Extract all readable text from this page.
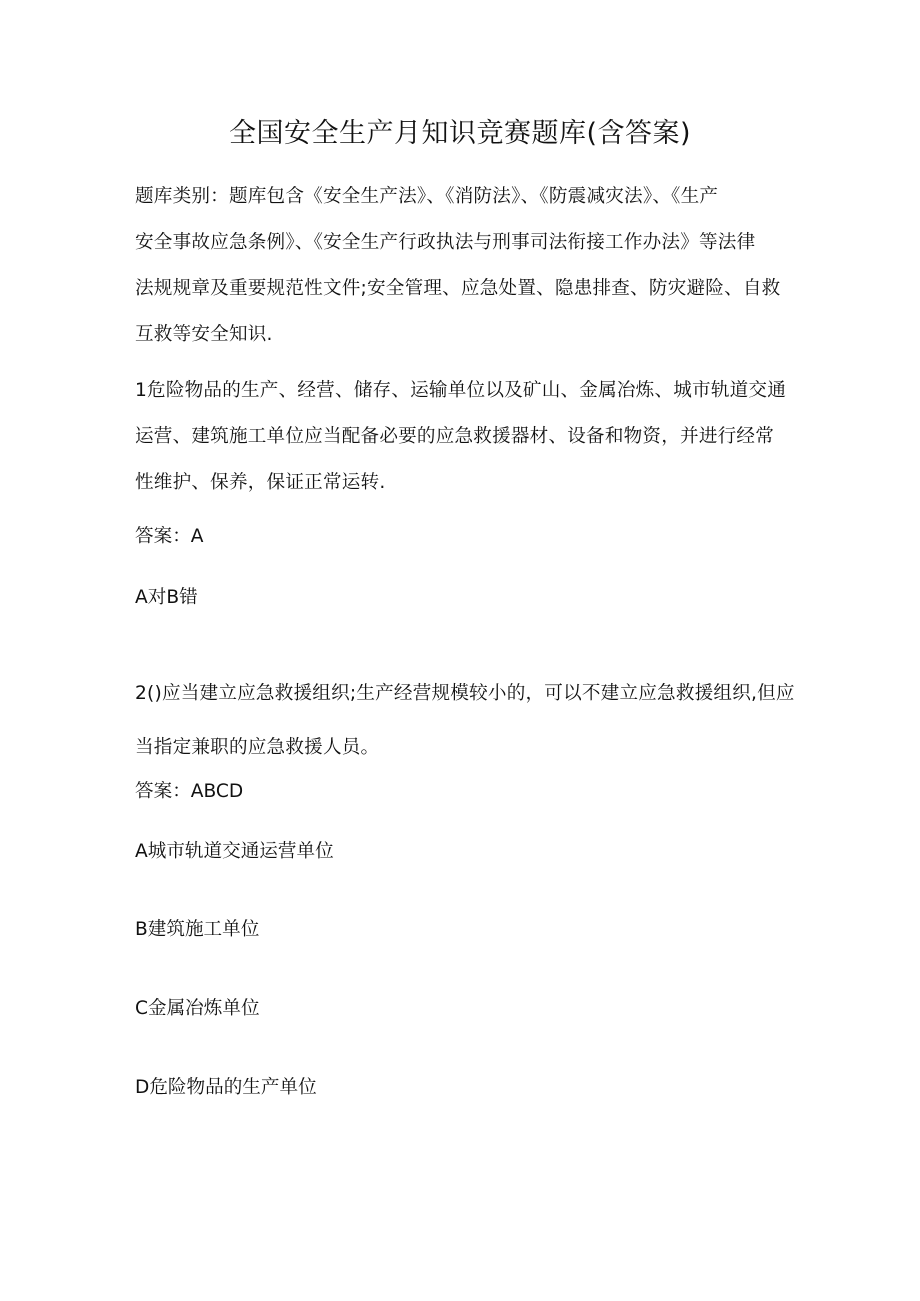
全国安全生产月知识竞赛题库(含答案)
题库类别：题库包含《安全生产法》、《消防法》、《防震减灾法》、《生产
安全事故应急条例》、《安全生产行政执法与刑事司法衔接工作办法》等法律
法规规章及重要规范性文件;安全管理、应急处置、隐患排查、防灾避险、自救
互救等安全知识.
1危险物品的生产、经营、储存、运输单位以及矿山、金属冶炼、城市轨道交通
运营、建筑施工单位应当配备必要的应急救援器材、设备和物资，并进行经常
性维护、保养，保证正常运转.
答案：A
A对B错
2()应当建立应急救援组织;生产经营规模较小的，可以不建立应急救援组织,但应
当指定兼职的应急救援人员。
答案：ABCD
A城市轨道交通运营单位
B建筑施工单位
C金属冶炼单位
D危险物品的生产单位
